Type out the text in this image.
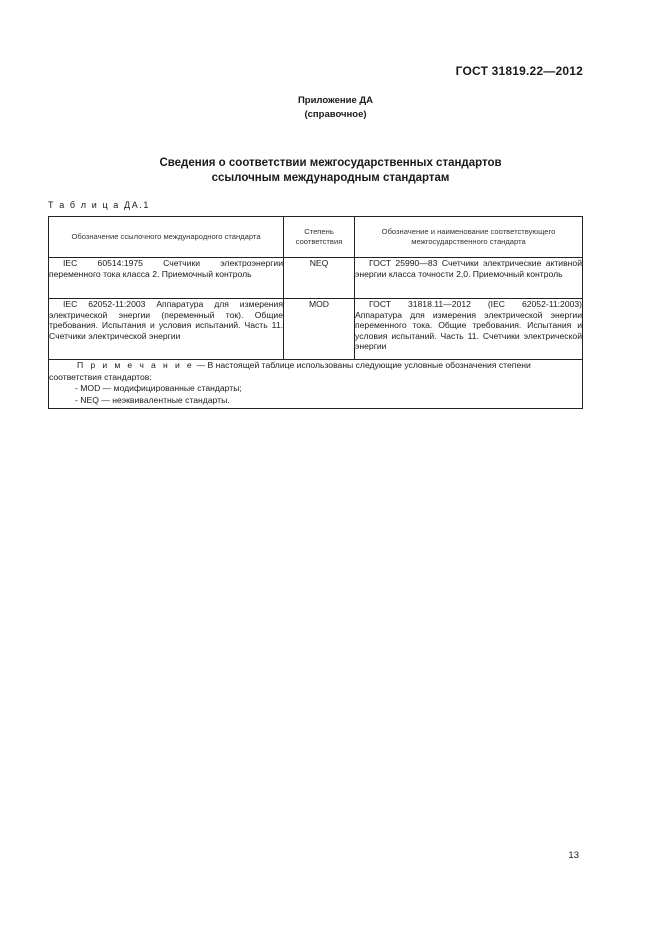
ГОСТ 31819.22—2012
Приложение ДА
(справочное)
Сведения о соответствии межгосударственных стандартов
ссылочным международным стандартам
Т а б л и ц а ДА.1
Обозначение ссылочного международного стандарта	Степень соответствия	Обозначение и наименование соответствующего межгосударственного стандарта
IEC 60514:1975 Счетчики электроэнергии переменного тока класса 2. Приемочный контроль	NEQ	ГОСТ 25990—83 Счетчики электрические активной энергии класса точности 2,0. Приемочный контроль
IEC 62052-11:2003 Аппаратура для измерения электрической энергии (переменный ток). Общие требования. Испытания и условия испытаний. Часть 11. Счетчики электрической энергии	MOD	ГОСТ 31818.11—2012 (IEC 62052-11:2003) Аппаратура для измерения электрической энергии переменного тока. Общие требования. Испытания и условия испытаний. Часть 11. Счетчики электрической энергии

П р и м е ч а н и е — В настоящей таблице использованы следующие условные обозначения степени соответствия стандартов:
- MOD — модифицированные стандарты;
- NEQ — неэквивалентные стандарты.		
13
